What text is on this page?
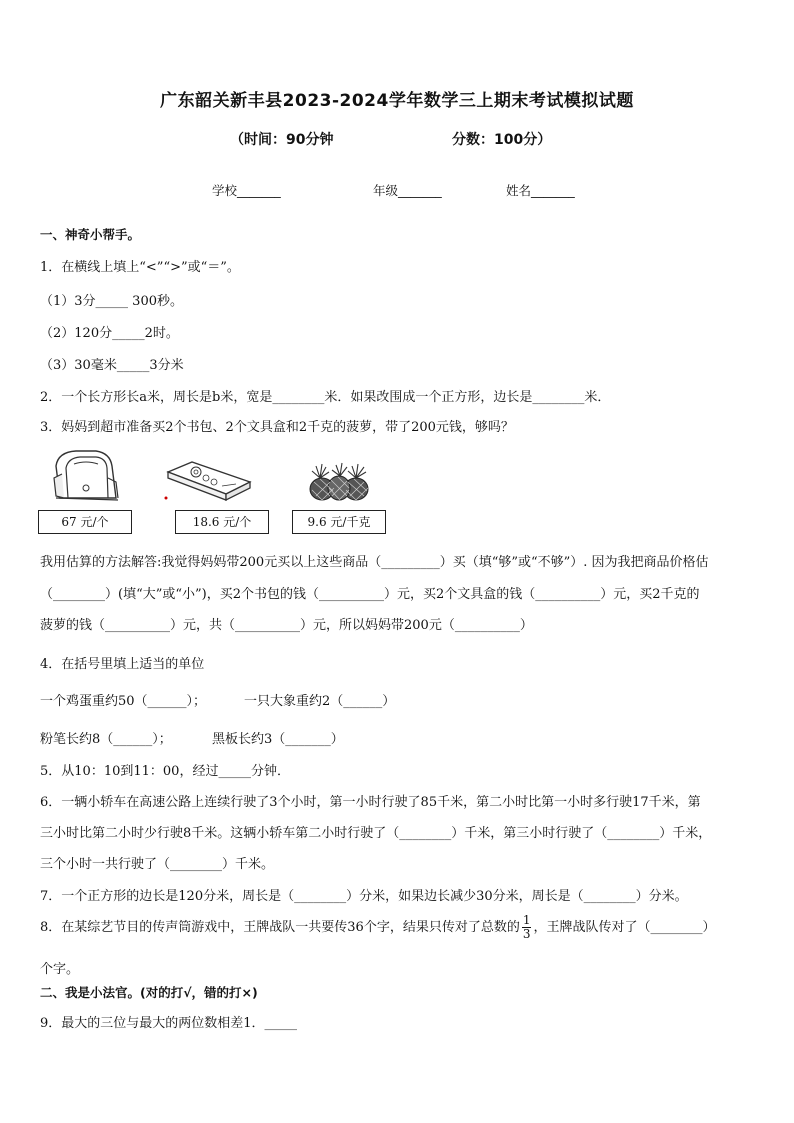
广东韶关新丰县2023-2024学年数学三上期末考试模拟试题
（时间：90分钟	分数：100分）
学校_______	年级_______	姓名_______
一、神奇小帮手。
1．在横线上填上“<”“>”或“＝”。
（1）3分_____ 300秒。
（2）120分_____2时。
（3）30毫米_____3分米
2．一个长方形长a米，周长是b米，宽是________米．如果改围成一个正方形，边长是________米．
3．妈妈到超市准备买2个书包、2个文具盒和2千克的菠萝，带了200元钱，够吗？
67 元/个	18.6 元/个	9.6 元/千克
我用估算的方法解答:我觉得妈妈带200元买以上这些商品（_________）买（填“够”或“不够”）. 因为我把商品价格估
（________）(填“大”或“小”)，买2个书包的钱（__________）元，买2个文具盒的钱（__________）元，买2千克的
菠萝的钱（__________）元，共（__________）元，所以妈妈带200元（__________）
4．在括号里填上适当的单位
一个鸡蛋重约50（______）；	一只大象重约2（______）
粉笔长约8（______）；	黑板长约3（_______）
5．从10：10到11：00，经过_____分钟．
6．一辆小轿车在高速公路上连续行驶了3个小时，第一小时行驶了85千米，第二小时比第一小时多行驶17千米，第
三小时比第二小时少行驶8千米。这辆小轿车第二小时行驶了（________）千米，第三小时行驶了（________）千米，
三个小时一共行驶了（________）千米。
7．一个正方形的边长是120分米，周长是（________）分米，如果边长减少30分米，周长是（________）分米。
8．在某综艺节目的传声筒游戏中，王牌战队一共要传36个字，结果只传对了总数的 $\frac{1}{3}$ ，王牌战队传对了（________）
个字。
二、我是小法官。(对的打√，错的打×)
9．最大的三位与最大的两位数相差1．_____
